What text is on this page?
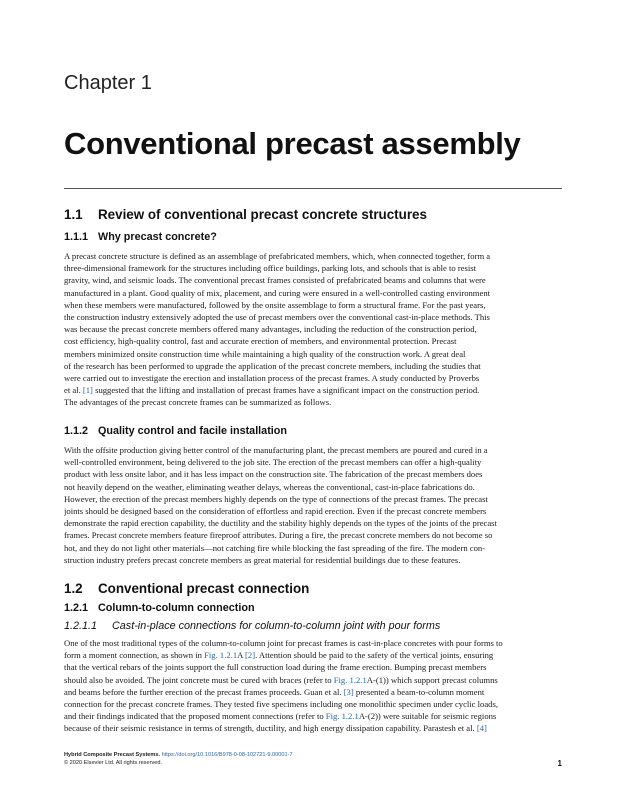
Chapter 1
Conventional precast assembly
1.1 Review of conventional precast concrete structures
1.1.1 Why precast concrete?
A precast concrete structure is defined as an assemblage of prefabricated members, which, when connected together, form a
three-dimensional framework for the structures including office buildings, parking lots, and schools that is able to resist
gravity, wind, and seismic loads. The conventional precast frames consisted of prefabricated beams and columns that were
manufactured in a plant. Good quality of mix, placement, and curing were ensured in a well-controlled casting environment
when these members were manufactured, followed by the onsite assemblage to form a structural frame. For the past years,
the construction industry extensively adopted the use of precast members over the conventional cast-in-place methods. This
was because the precast concrete members offered many advantages, including the reduction of the construction period,
cost efficiency, high-quality control, fast and accurate erection of members, and environmental protection. Precast
members minimized onsite construction time while maintaining a high quality of the construction work. A great deal
of the research has been performed to upgrade the application of the precast concrete members, including the studies that
were carried out to investigate the erection and installation process of the precast frames. A study conducted by Proverbs
et al. [1] suggested that the lifting and installation of precast frames have a significant impact on the construction period.
The advantages of the precast concrete frames can be summarized as follows.
1.1.2 Quality control and facile installation
With the offsite production giving better control of the manufacturing plant, the precast members are poured and cured in a
well-controlled environment, being delivered to the job site. The erection of the precast members can offer a high-quality
product with less onsite labor, and it has less impact on the construction site. The fabrication of the precast members does
not heavily depend on the weather, eliminating weather delays, whereas the conventional, cast-in-place fabrications do.
However, the erection of the precast members highly depends on the type of connections of the precast frames. The precast
joints should be designed based on the consideration of effortless and rapid erection. Even if the precast concrete members
demonstrate the rapid erection capability, the ductility and the stability highly depends on the types of the joints of the precast
frames. Precast concrete members feature fireproof attributes. During a fire, the precast concrete members do not become so
hot, and they do not light other materials—not catching fire while blocking the fast spreading of the fire. The modern con-
struction industry prefers precast concrete members as great material for residential buildings due to these features.
1.2 Conventional precast connection
1.2.1 Column-to-column connection
1.2.1.1 Cast-in-place connections for column-to-column joint with pour forms
One of the most traditional types of the column-to-column joint for precast frames is cast-in-place concretes with pour forms to
form a moment connection, as shown in Fig. 1.2.1A [2]. Attention should be paid to the safety of the vertical joints, ensuring
that the vertical rebars of the joints support the full construction load during the frame erection. Bumping precast members
should also be avoided. The joint concrete must be cured with braces (refer to Fig. 1.2.1A-(1)) which support precast columns
and beams before the further erection of the precast frames proceeds. Guan et al. [3] presented a beam-to-column moment
connection for the precast concrete frames. They tested five specimens including one monolithic specimen under cyclic loads,
and their findings indicated that the proposed moment connections (refer to Fig. 1.2.1A-(2)) were suitable for seismic regions
because of their seismic resistance in terms of strength, ductility, and high energy dissipation capability. Parastesh et al. [4]
Hybrid Composite Precast Systems. https://doi.org/10.1016/B978-0-08-102721-9.00001-7
© 2020 Elsevier Ltd. All rights reserved.	1
